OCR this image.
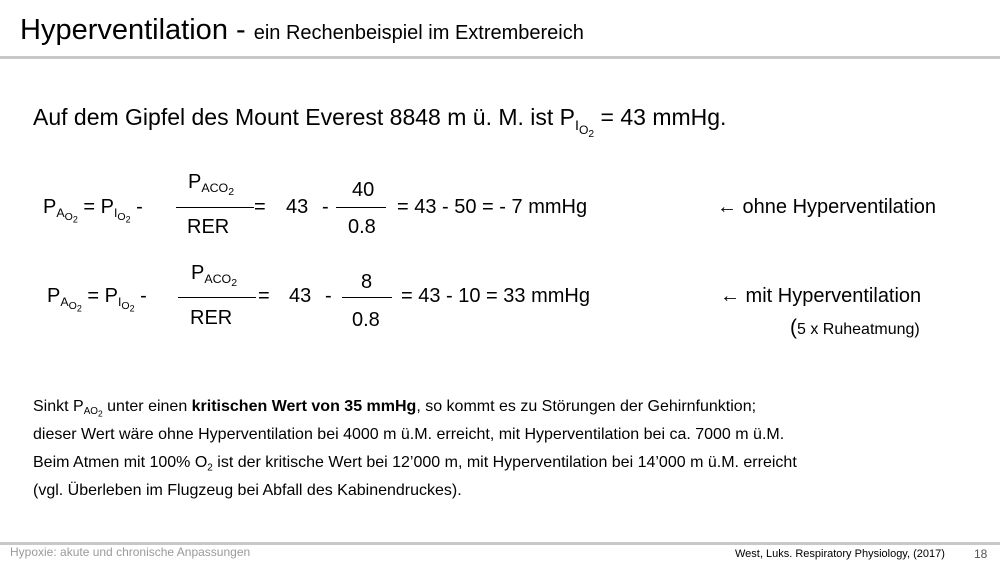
Hyperventilation - ein Rechenbeispiel im Extrembereich
Auf dem Gipfel des Mount Everest 8848 m ü. M. ist $P_{I_{O_2}} = 43$ mmHg.
$P_{A_{O_2}} = P_{I_{O_2}}$ -
$P_{ACO_2}$
RER
= 43 -
40
0.8
= 43 - 50 = - 7 mmHg	← ohne Hyperventilation
$P_{A_{O_2}} = P_{I_{O_2}}$ -
$P_{ACO_2}$
RER
= 43 -
8
0.8
= 43 - 10 = 33 mmHg	← mit Hyperventilation
(5 x Ruheatmung)
Sinkt $P_{AO_2}$ unter einen kritischen Wert von 35 mmHg, so kommt es zu Störungen der Gehirnfunktion;
dieser Wert wäre ohne Hyperventilation bei 4000 m ü.M. erreicht, mit Hyperventilation bei ca. 7000 m ü.M.
Beim Atmen mit 100% $O_2$ ist der kritische Wert bei 12’000 m, mit Hyperventilation bei 14’000 m ü.M. erreicht
(vgl. Überleben im Flugzeug bei Abfall des Kabinendruckes).
Hypoxie: akute und chronische Anpassungen	West, Luks. Respiratory Physiology, (2017) 18
